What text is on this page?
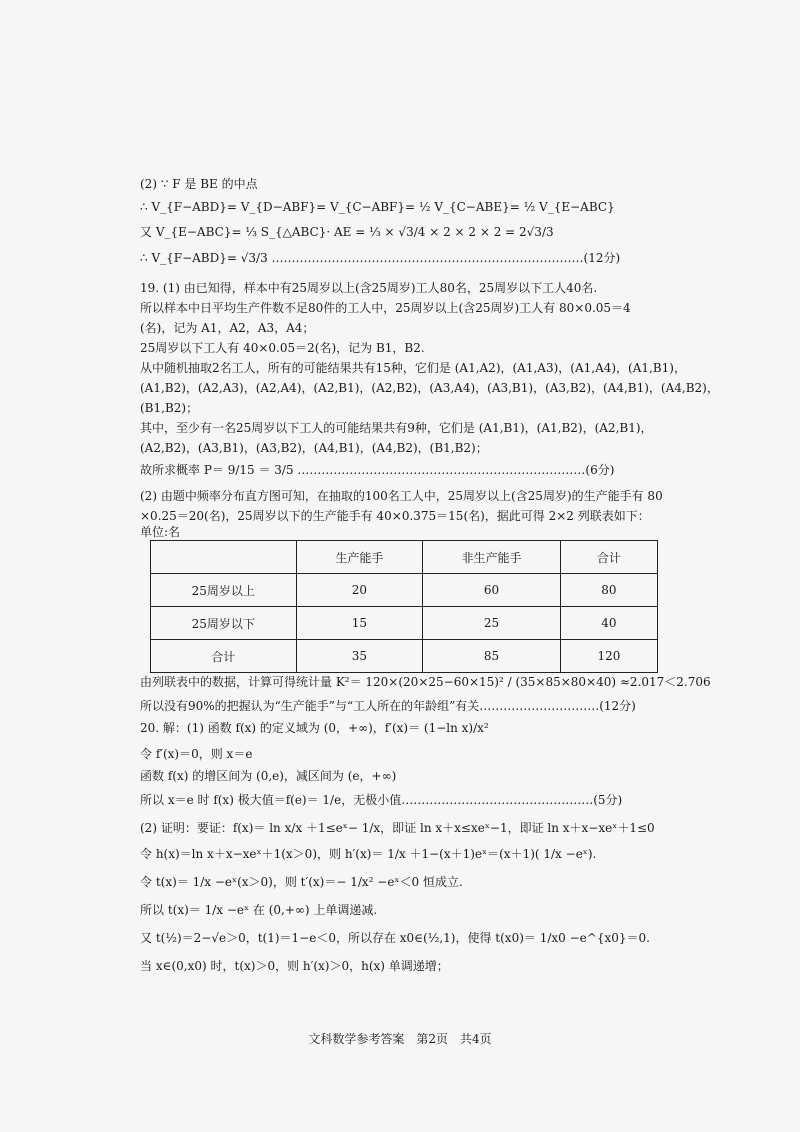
(2) ∵ F 是 BE 的中点
∴ V_{F−ABD}= V_{D−ABF}= V_{C−ABF}= ½ V_{C−ABE}= ½ V_{E−ABC}
又 V_{E−ABC}= ⅓ S_{△ABC}· AE = ⅓ × √3/4 × 2 × 2 × 2 = 2√3/3
∴ V_{F−ABD}= √3/3 ……………………………………………………………………(12分)
19. (1) 由已知得，样本中有25周岁以上(含25周岁)工人80名，25周岁以下工人40名.
所以样本中日平均生产件数不足80件的工人中，25周岁以上(含25周岁)工人有 80×0.05＝4
(名)，记为 A1，A2，A3，A4；
25周岁以下工人有 40×0.05＝2(名)，记为 B1，B2.
从中随机抽取2名工人，所有的可能结果共有15种，它们是 (A1,A2)，(A1,A3)，(A1,A4)，(A1,B1)，
(A1,B2)，(A2,A3)，(A2,A4)，(A2,B1)，(A2,B2)，(A3,A4)，(A3,B1)，(A3,B2)，(A4,B1)，(A4,B2)，
(B1,B2)；
其中，至少有一名25周岁以下工人的可能结果共有9种，它们是 (A1,B1)，(A1,B2)，(A2,B1)，
(A2,B2)，(A3,B1)，(A3,B2)，(A4,B1)，(A4,B2)，(B1,B2)；
故所求概率 P＝ 9/15 ＝ 3/5 ………………………………………………………………(6分)
(2) 由题中频率分布直方图可知，在抽取的100名工人中，25周岁以上(含25周岁)的生产能手有 80
×0.25＝20(名)，25周岁以下的生产能手有 40×0.375＝15(名)，据此可得 2×2 列联表如下：
单位:名
	生产能手	非生产能手	合计
25周岁以上	20	60	80
25周岁以下	15	25	40
合计	35	85	120
由列联表中的数据，计算可得统计量 K²＝ 120×(20×25−60×15)² / (35×85×80×40) ≈2.017＜2.706
所以没有90%的把握认为“生产能手”与“工人所在的年龄组”有关…………………………(12分)
20. 解：(1) 函数 f(x) 的定义域为 (0，+∞)，f′(x)＝ (1−ln x)/x²
令 f′(x)＝0，则 x＝e
函数 f(x) 的增区间为 (0,e)，减区间为 (e，+∞)
所以 x＝e 时 f(x) 极大值＝f(e)＝ 1/e，无极小值…………………………………………(5分)
(2) 证明：要证：f(x)＝ ln x/x ＋1≤eˣ− 1/x，即证 ln x＋x≤xeˣ−1，即证 ln x＋x−xeˣ＋1≤0
令 h(x)＝ln x＋x−xeˣ＋1(x＞0)，则 h′(x)＝ 1/x ＋1−(x＋1)eˣ＝(x＋1)( 1/x −eˣ).
令 t(x)＝ 1/x −eˣ(x＞0)，则 t′(x)＝− 1/x² −eˣ＜0 恒成立.
所以 t(x)＝ 1/x −eˣ 在 (0,+∞) 上单调递减.
又 t(½)＝2−√e＞0，t(1)＝1−e＜0，所以存在 x0∈(½,1)，使得 t(x0)＝ 1/x0 −e^{x0}＝0.
当 x∈(0,x0) 时，t(x)＞0，则 h′(x)＞0，h(x) 单调递增；
文科数学参考答案　第2页　共4页
